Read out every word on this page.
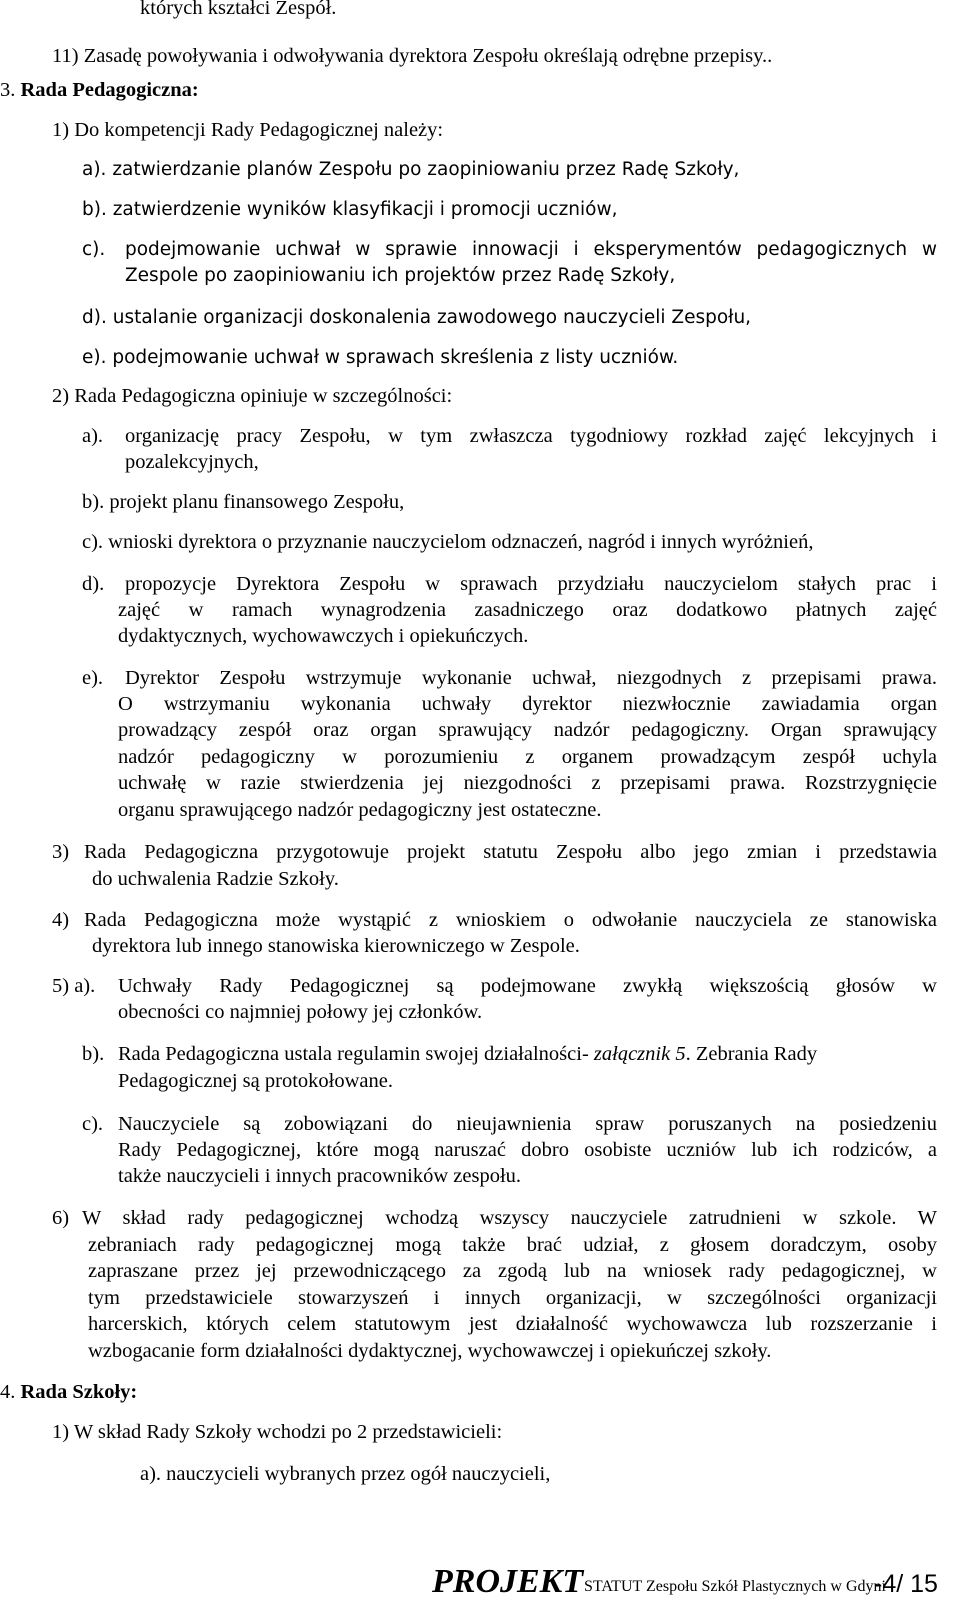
których kształci Zespół.
11) Zasadę powoływania i odwoływania dyrektora Zespołu określają odrębne przepisy..
3. Rada Pedagogiczna:
1) Do kompetencji Rady Pedagogicznej należy:
a). zatwierdzanie planów Zespołu po zaopiniowaniu przez Radę Szkoły,
b). zatwierdzenie wyników klasyfikacji i promocji uczniów,
c). podejmowanie uchwał w sprawie innowacji i eksperymentów pedagogicznych w
Zespole po zaopiniowaniu ich projektów przez Radę Szkoły,
d). ustalanie organizacji doskonalenia zawodowego nauczycieli Zespołu,
e). podejmowanie uchwał w sprawach skreślenia z listy uczniów.
2) Rada Pedagogiczna opiniuje w szczególności:
a). organizację pracy Zespołu, w tym zwłaszcza tygodniowy rozkład zajęć lekcyjnych i
pozalekcyjnych,
b). projekt planu finansowego Zespołu,
c). wnioski dyrektora o przyznanie nauczycielom odznaczeń, nagród i innych wyróżnień,
d). propozycje Dyrektora Zespołu w sprawach przydziału nauczycielom stałych prac i
zajęć w ramach wynagrodzenia zasadniczego oraz dodatkowo płatnych zajęć
dydaktycznych, wychowawczych i opiekuńczych.
e). Dyrektor Zespołu wstrzymuje wykonanie uchwał, niezgodnych z przepisami prawa.
O wstrzymaniu wykonania uchwały dyrektor niezwłocznie zawiadamia organ
prowadzący zespół oraz organ sprawujący nadzór pedagogiczny. Organ sprawujący
nadzór pedagogiczny w porozumieniu z organem prowadzącym zespół uchyla
uchwałę w razie stwierdzenia jej niezgodności z przepisami prawa. Rozstrzygnięcie
organu sprawującego nadzór pedagogiczny jest ostateczne.
3) Rada Pedagogiczna przygotowuje projekt statutu Zespołu albo jego zmian i przedstawia
do uchwalenia Radzie Szkoły.
4) Rada Pedagogiczna może wystąpić z wnioskiem o odwołanie nauczyciela ze stanowiska
dyrektora lub innego stanowiska kierowniczego w Zespole.
5) a). Uchwały Rady Pedagogicznej są podejmowane zwykłą większością głosów w
obecności co najmniej połowy jej członków.
b). Rada Pedagogiczna ustala regulamin swojej działalności- załącznik 5. Zebrania Rady
Pedagogicznej są protokołowane.
c). Nauczyciele są zobowiązani do nieujawnienia spraw poruszanych na posiedzeniu
Rady Pedagogicznej, które mogą naruszać dobro osobiste uczniów lub ich rodziców, a
także nauczycieli i innych pracowników zespołu.
6) W skład rady pedagogicznej wchodzą wszyscy nauczyciele zatrudnieni w szkole. W
zebraniach rady pedagogicznej mogą także brać udział, z głosem doradczym, osoby
zapraszane przez jej przewodniczącego za zgodą lub na wniosek rady pedagogicznej, w
tym przedstawiciele stowarzyszeń i innych organizacji, w szczególności organizacji
harcerskich, których celem statutowym jest działalność wychowawcza lub rozszerzanie i
wzbogacanie form działalności dydaktycznej, wychowawczej i opiekuńczej szkoły.
4. Rada Szkoły:
1) W skład Rady Szkoły wchodzi po 2 przedstawicieli:
a). nauczycieli wybranych przez ogół nauczycieli,
PROJEKT STATUT Zespołu Szkół Plastycznych w Gdyni
-4/ 15
